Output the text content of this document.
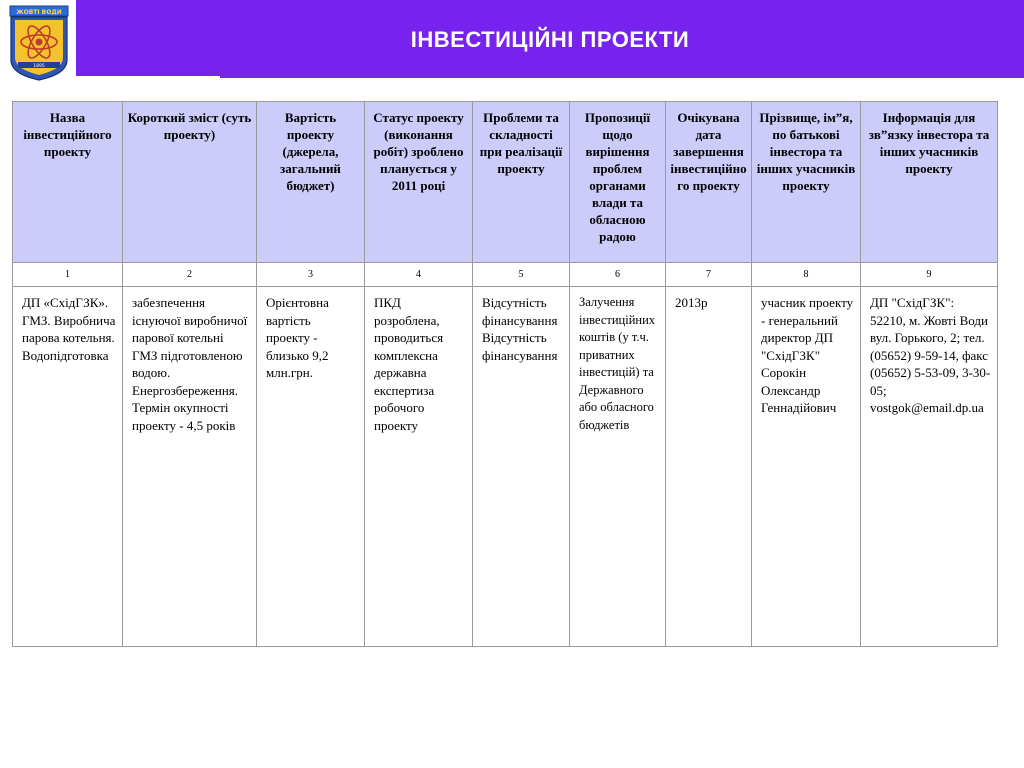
ІНВЕСТИЦІЙНІ ПРОЕКТИ
ЖОВТІ ВОДИ
1895
Назва інвестиційного проекту	Короткий зміст (суть проекту)	Вартість проекту (джерела, загальний бюджет)	Статус проекту (виконання робіт) зроблено планується у 2011 році	Проблеми та складності при реалізації проекту	Пропозиції щодо вирішення проблем органами влади та обласною радою	Очікувана дата завершення інвестиційного проекту	Прізвище, ім”я, по батькові інвестора та інших учасників проекту	Інформація для зв”язку інвестора та інших учасників проекту
1	2	3	4	5	6	7	8	9
ДП «СхідГЗК». ГМЗ. Виробнича парова котельня. Водопідготовка	забезпечення існуючої виробничої парової котельні ГМЗ підготовленою водою. Енергозбереження. Термін окупності проекту - 4,5 років	Орієнтовна вартість проекту - близько 9,2 млн.грн.	ПКД розроблена, проводиться комплексна державна експертиза робочого проекту	Відсутність фінансування Відсутність фінансування	Залучення інвестиційних коштів (у т.ч. приватних інвестицій) та Державного або обласного бюджетів	2013р	учасник проекту - генеральний директор ДП "СхідГЗК" Сорокін Олександр Геннадійович	ДП "СхідГЗК": 52210, м. Жовті Води вул. Горького, 2; тел. (05652) 9-59-14, факс (05652) 5-53-09, 3-30-05; vostgok@email.dp.ua
